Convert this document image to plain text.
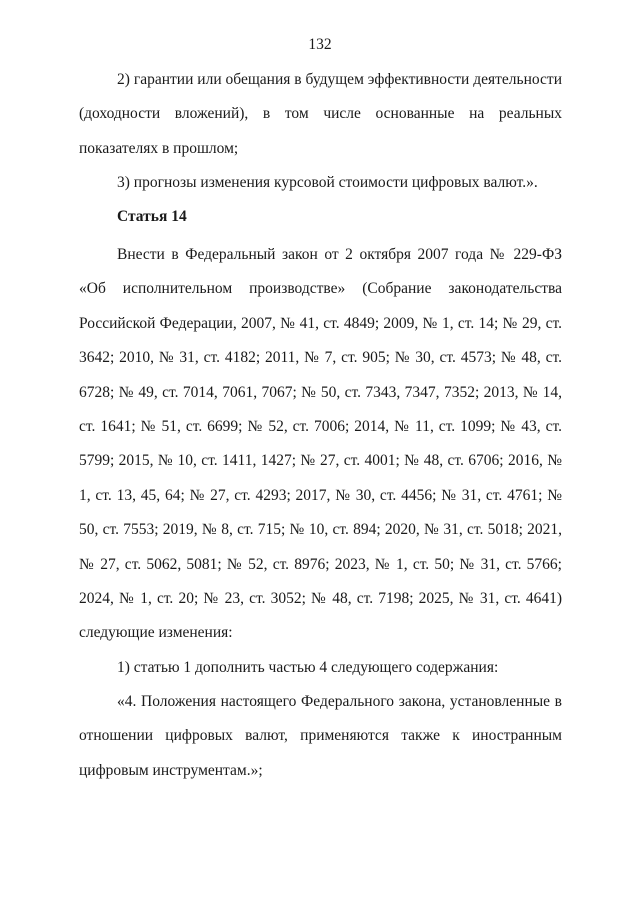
132

2) гарантии или обещания в будущем эффективности деятельности (доходности вложений), в том числе основанные на реальных показателях в прошлом;

3) прогнозы изменения курсовой стоимости цифровых валют.».

Статья 14

Внести в Федеральный закон от 2 октября 2007 года № 229-ФЗ «Об исполнительном производстве» (Собрание законодательства Российской Федерации, 2007, № 41, ст. 4849; 2009, № 1, ст. 14; № 29, ст. 3642; 2010, № 31, ст. 4182; 2011, № 7, ст. 905; № 30, ст. 4573; № 48, ст. 6728; № 49, ст. 7014, 7061, 7067; № 50, ст. 7343, 7347, 7352; 2013, № 14, ст. 1641; № 51, ст. 6699; № 52, ст. 7006; 2014, № 11, ст. 1099; № 43, ст. 5799; 2015, № 10, ст. 1411, 1427; № 27, ст. 4001; № 48, ст. 6706; 2016, № 1, ст. 13, 45, 64; № 27, ст. 4293; 2017, № 30, ст. 4456; № 31, ст. 4761; № 50, ст. 7553; 2019, № 8, ст. 715; № 10, ст. 894; 2020, № 31, ст. 5018; 2021, № 27, ст. 5062, 5081; № 52, ст. 8976; 2023, № 1, ст. 50; № 31, ст. 5766; 2024, № 1, ст. 20; № 23, ст. 3052; № 48, ст. 7198; 2025, № 31, ст. 4641) следующие изменения:

1) статью 1 дополнить частью 4 следующего содержания:

«4. Положения настоящего Федерального закона, установленные в отношении цифровых валют, применяются также к иностранным цифровым инструментам.»;
